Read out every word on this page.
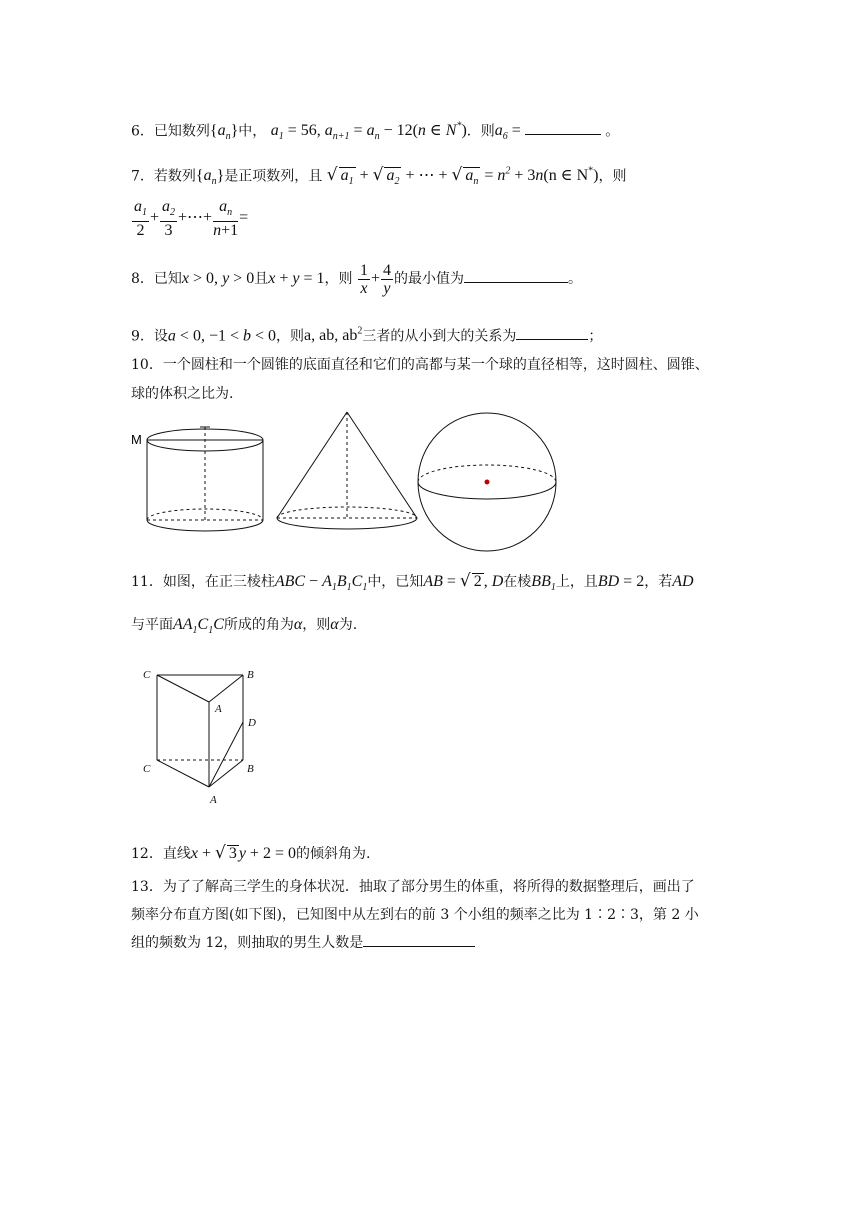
6．已知数列$\{a_n\}$中， $a_1 = 56$, $a_{n+1} = a_n - 12(n$ ∈ N*)．则$a_6$ =	。
7．若数列$\{a_n\}$是正项数列，且 √ $a_1$ + √ $a_2$ + ⋯ + √ $a_n = n^2 + 3n(n$ ∈ N*)，则
$\frac{a_1}{2} + \frac{a_2}{3}$ +⋯+ $\frac{a_n}{n+1}$ =
8．已知x > 0, y > 0且x + y = 1，则 $\frac{1}{x} + \frac{4}{y}$ 的最小值为	。
9．设a < 0, −1 < b < 0，则a, ab, $ab^2$三者的从小到大的关系为	；
10．一个圆柱和一个圆锥的底面直径和它们的高都与某一个球的直径相等，这时圆柱、圆锥、
球的体积之比为.
M
11．如图，在正三棱柱ABC − $A_1B_1C_1$中，已知AB = √ 2 , D在棱$BB_1$上，且BD = 2，若AD
与平面$AA_1C_1C$所成的角为α，则α为.
C	B
A
D
C	B
A
12．直线x + √ 3 y + 2 = 0的倾斜角为.
13．为了了解高三学生的身体状况．抽取了部分男生的体重，将所得的数据整理后，画出了
频率分布直方图(如下图)，已知图中从左到右的前 3 个小组的频率之比为 1∶2∶3，第 2 小
组的频数为 12，则抽取的男生人数是
